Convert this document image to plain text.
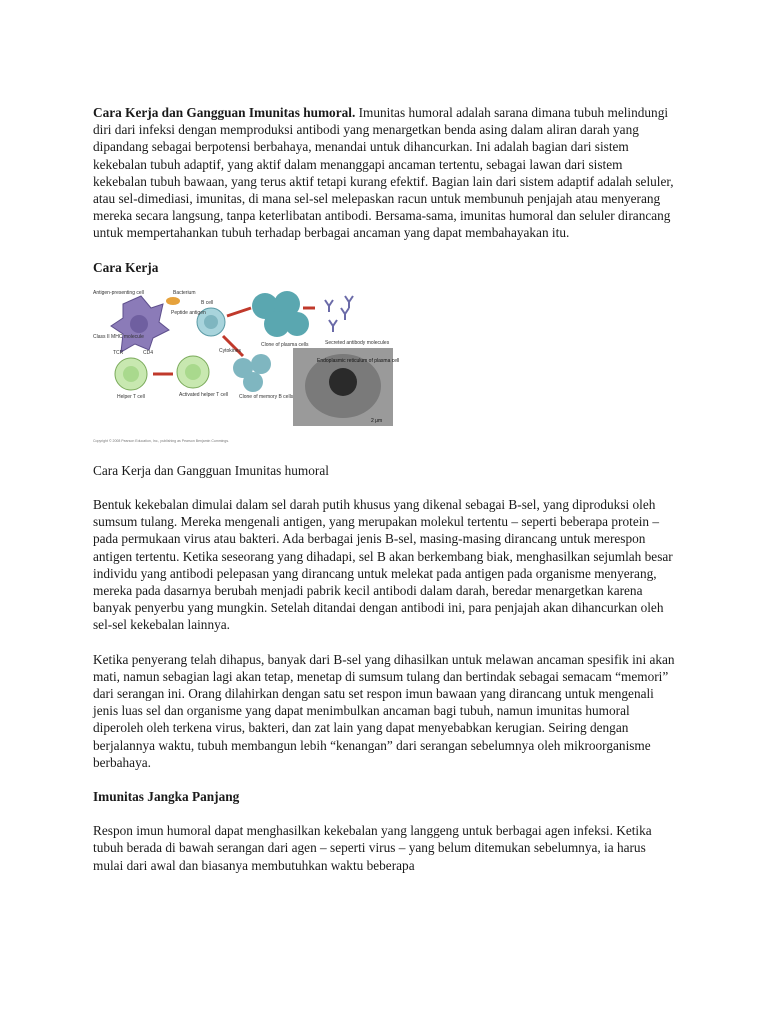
Cara Kerja dan Gangguan Imunitas humoral. Imunitas humoral adalah sarana dimana tubuh melindungi diri dari infeksi dengan memproduksi antibodi yang menargetkan benda asing dalam aliran darah yang dipandang sebagai berpotensi berbahaya, menandai untuk dihancurkan. Ini adalah bagian dari sistem kekebalan tubuh adaptif, yang aktif dalam menanggapi ancaman tertentu, sebagai lawan dari sistem kekebalan tubuh bawaan, yang terus aktif tetapi kurang efektif. Bagian lain dari sistem adaptif adalah seluler, atau sel-dimediasi, imunitas, di mana sel-sel melepaskan racun untuk membunuh penjajah atau menyerang mereka secara langsung, tanpa keterlibatan antibodi. Bersama-sama, imunitas humoral dan seluler dirancang untuk mempertahankan tubuh terhadap berbagai ancaman yang dapat membahayakan itu.

Cara Kerja

Antigen-presenting cell	Bacterium
Peptide antigen
B cell
Class II MHC molecule
TCR	CD4
Helper T cell	Activated helper T cell
Cytokines
Clone of plasma cells	Secreted antibody molecules
Clone of memory B cells
Endoplasmic reticulum of plasma cell
2 μm
Copyright © 2008 Pearson Education, Inc., publishing as Pearson Benjamin Cummings.

Cara Kerja dan Gangguan Imunitas humoral

Bentuk kekebalan dimulai dalam sel darah putih khusus yang dikenal sebagai B-sel, yang diproduksi oleh sumsum tulang. Mereka mengenali antigen, yang merupakan molekul tertentu – seperti beberapa protein – pada permukaan virus atau bakteri. Ada berbagai jenis B-sel, masing-masing dirancang untuk merespon antigen tertentu. Ketika seseorang yang dihadapi, sel B akan berkembang biak, menghasilkan sejumlah besar individu yang antibodi pelepasan yang dirancang untuk melekat pada antigen pada organisme menyerang, mereka pada dasarnya berubah menjadi pabrik kecil antibodi dalam darah, beredar menargetkan karena banyak penyerbu yang mungkin. Setelah ditandai dengan antibodi ini, para penjajah akan dihancurkan oleh sel-sel kekebalan lainnya.

Ketika penyerang telah dihapus, banyak dari B-sel yang dihasilkan untuk melawan ancaman spesifik ini akan mati, namun sebagian lagi akan tetap, menetap di sumsum tulang dan bertindak sebagai semacam “memori” dari serangan ini. Orang dilahirkan dengan satu set respon imun bawaan yang dirancang untuk mengenali jenis luas sel dan organisme yang dapat menimbulkan ancaman bagi tubuh, namun imunitas humoral diperoleh oleh terkena virus, bakteri, dan zat lain yang dapat menyebabkan kerugian. Seiring dengan berjalannya waktu, tubuh membangun lebih “kenangan” dari serangan sebelumnya oleh mikroorganisme berbahaya.

Imunitas Jangka Panjang

Respon imun humoral dapat menghasilkan kekebalan yang langgeng untuk berbagai agen infeksi. Ketika tubuh berada di bawah serangan dari agen – seperti virus – yang belum ditemukan sebelumnya, ia harus mulai dari awal dan biasanya membutuhkan waktu beberapa
